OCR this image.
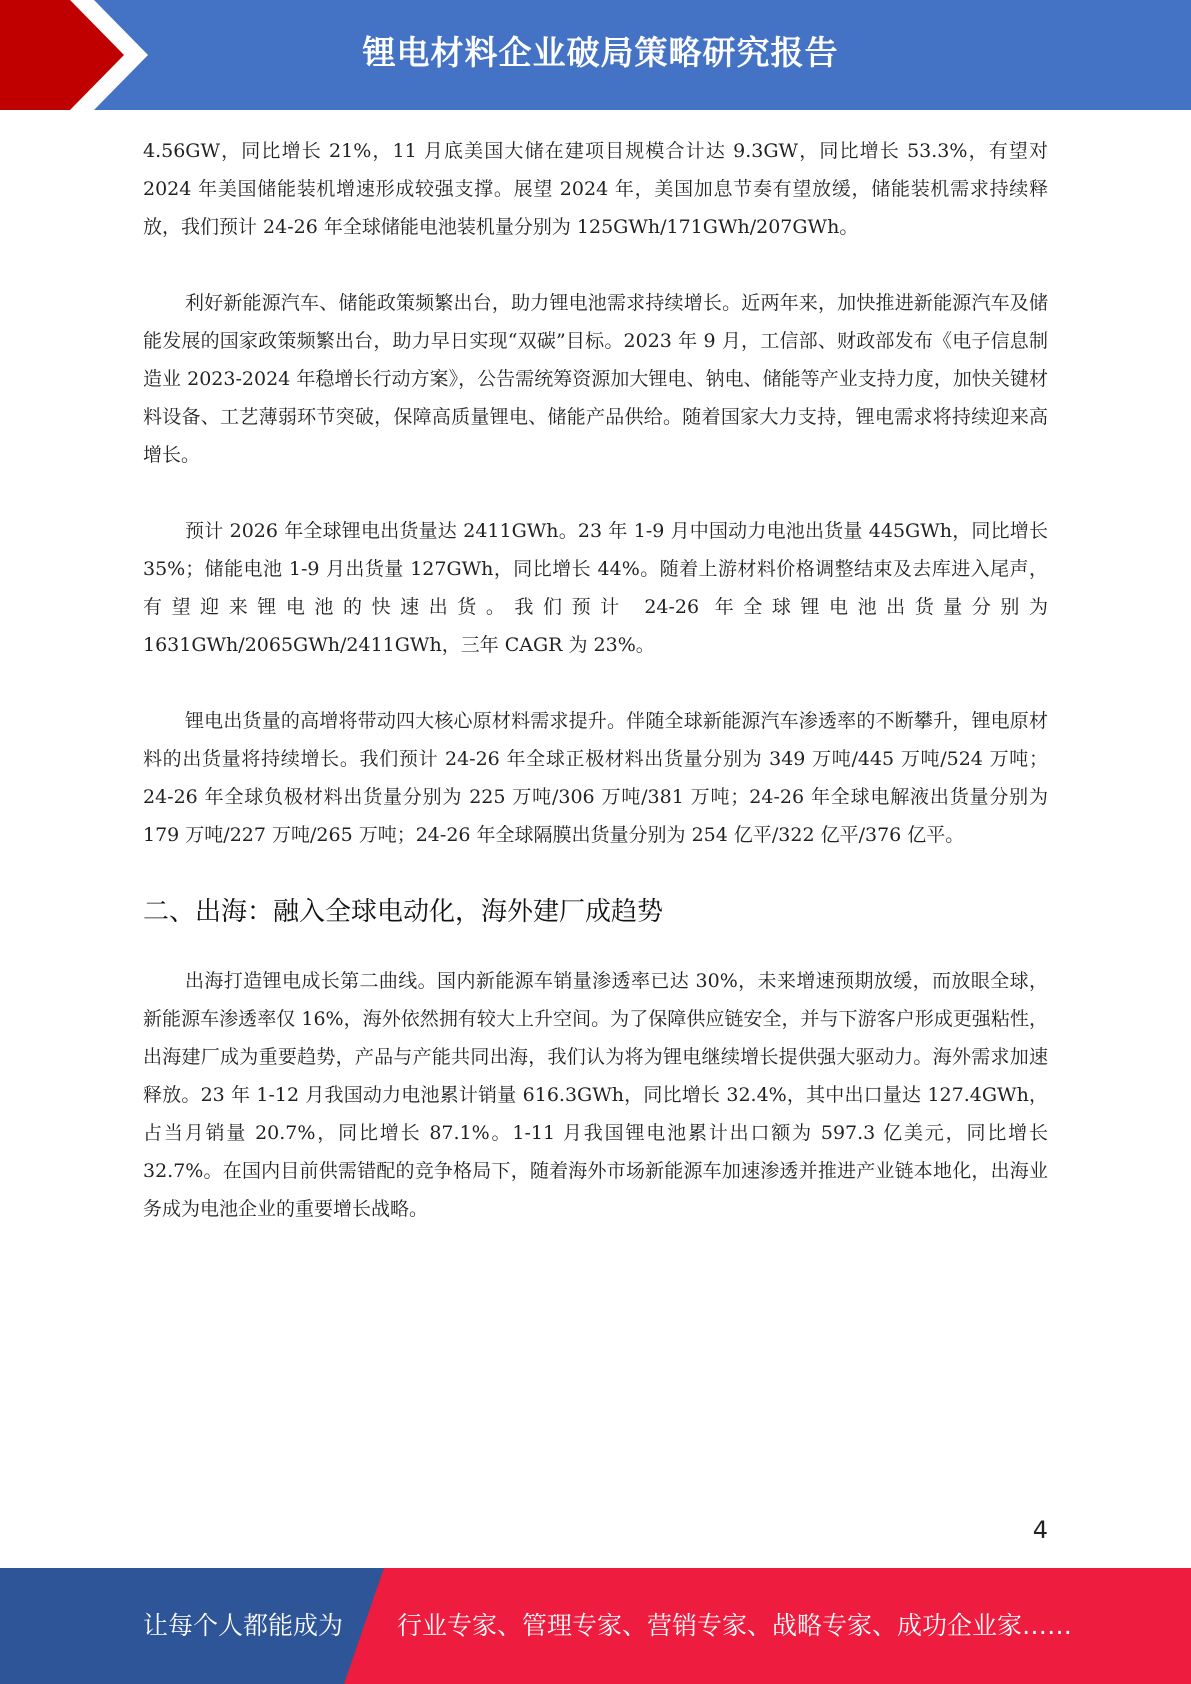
锂电材料企业破局策略研究报告

4.56GW，同比增长 21%，11 月底美国大储在建项目规模合计达 9.3GW，同比增长 53.3%，有望对 2024 年美国储能装机增速形成较强支撑。展望 2024 年，美国加息节奏有望放缓，储能装机需求持续释放，我们预计 24-26 年全球储能电池装机量分别为 125GWh/171GWh/207GWh。

利好新能源汽车、储能政策频繁出台，助力锂电池需求持续增长。近两年来，加快推进新能源汽车及储能发展的国家政策频繁出台，助力早日实现“双碳”目标。2023 年 9 月，工信部、财政部发布《电子信息制造业 2023-2024 年稳增长行动方案》，公告需统筹资源加大锂电、钠电、储能等产业支持力度，加快关键材料设备、工艺薄弱环节突破，保障高质量锂电、储能产品供给。随着国家大力支持，锂电需求将持续迎来高增长。

预计 2026 年全球锂电出货量达 2411GWh。23 年 1-9 月中国动力电池出货量 445GWh，同比增长 35%；储能电池 1-9 月出货量 127GWh，同比增长 44%。随着上游材料价格调整结束及去库进入尾声，有望迎来锂电池的快速出货。我们预计 24-26 年全球锂电池出货量分别为 1631GWh/2065GWh/2411GWh，三年 CAGR 为 23%。

锂电出货量的高增将带动四大核心原材料需求提升。伴随全球新能源汽车渗透率的不断攀升，锂电原材料的出货量将持续增长。我们预计 24-26 年全球正极材料出货量分别为 349 万吨/445 万吨/524 万吨；24-26 年全球负极材料出货量分别为 225 万吨/306 万吨/381 万吨；24-26 年全球电解液出货量分别为 179 万吨/227 万吨/265 万吨；24-26 年全球隔膜出货量分别为 254 亿平/322 亿平/376 亿平。

二、出海：融入全球电动化，海外建厂成趋势

出海打造锂电成长第二曲线。国内新能源车销量渗透率已达 30%，未来增速预期放缓，而放眼全球，新能源车渗透率仅 16%，海外依然拥有较大上升空间。为了保障供应链安全，并与下游客户形成更强粘性，出海建厂成为重要趋势，产品与产能共同出海，我们认为将为锂电继续增长提供强大驱动力。海外需求加速释放。23 年 1-12 月我国动力电池累计销量 616.3GWh，同比增长 32.4%，其中出口量达 127.4GWh，占当月销量 20.7%，同比增长 87.1%。1-11 月我国锂电池累计出口额为 597.3 亿美元，同比增长 32.7%。在国内目前供需错配的竞争格局下，随着海外市场新能源车加速渗透并推进产业链本地化，出海业务成为电池企业的重要增长战略。

4
让每个人都能成为 行业专家、管理专家、营销专家、战略专家、成功企业家……
